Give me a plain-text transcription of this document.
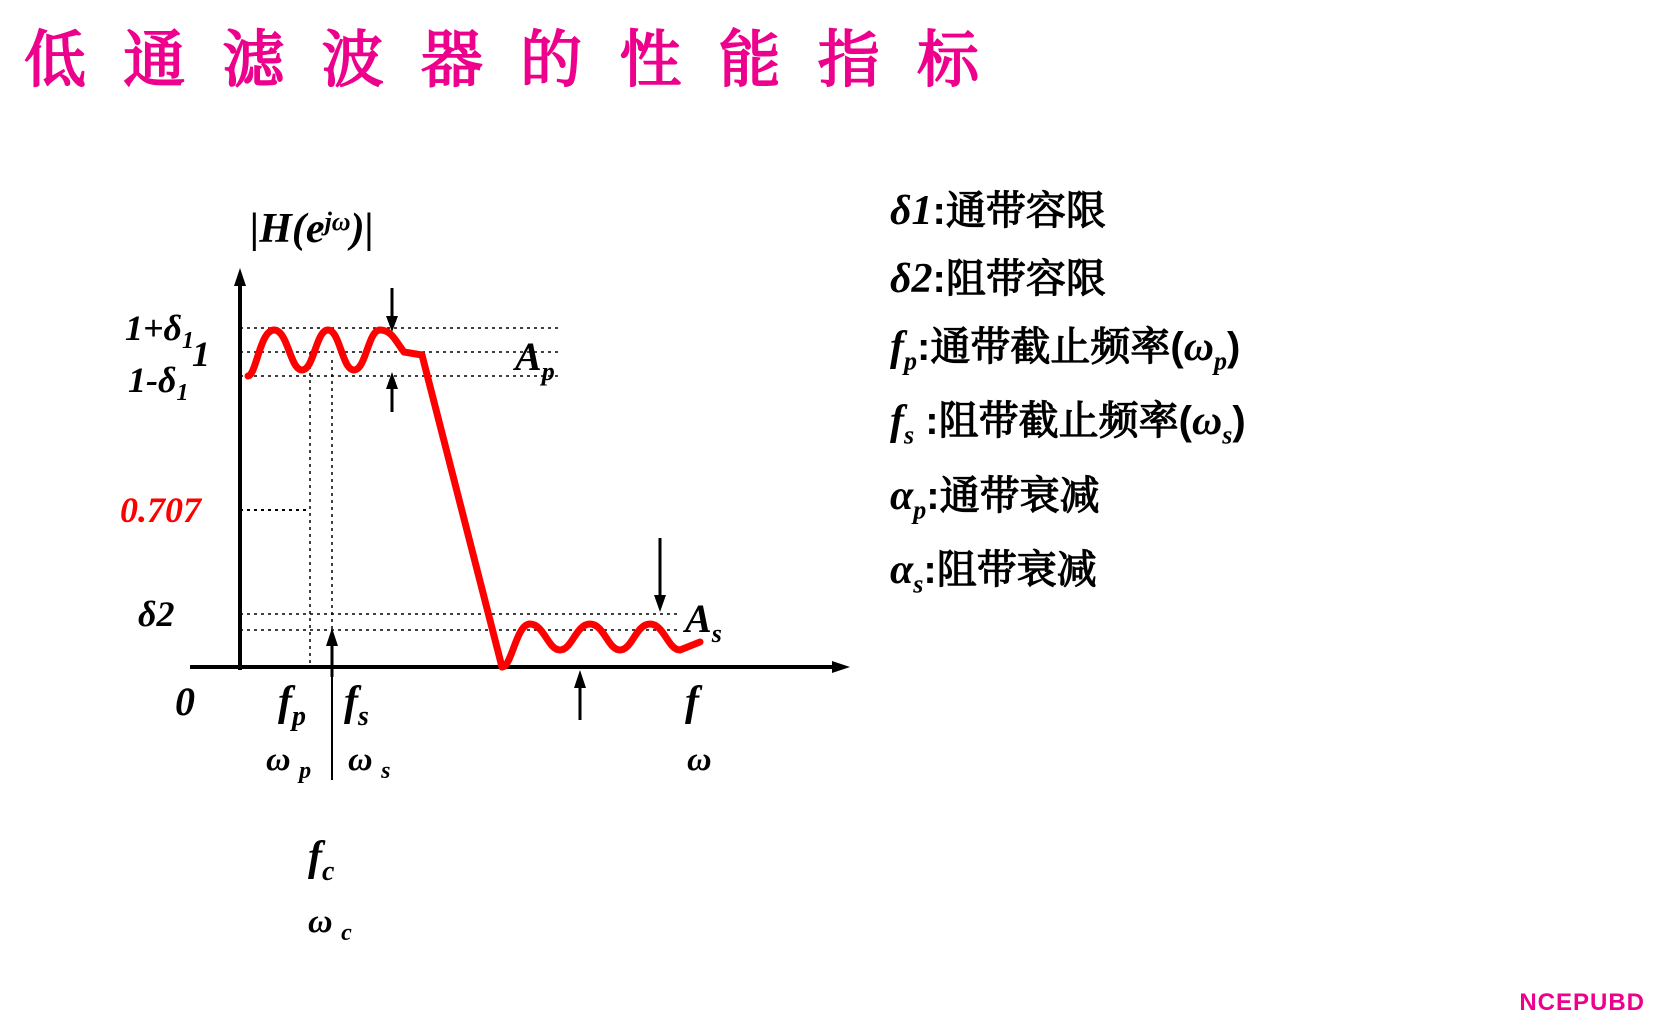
低 通 滤 波 器 的 性 能 指 标
$|H(e^{j\omega})|$
$1+\delta_1$
1
$1-\delta_1$
0.707
δ2
$A_p$
$A_s$
0 $f_p$ $f_s$	f
ω $_p$ ω $_s$	ω
$f_c$
ω $_c$
δ1:通带容限
δ2:阻带容限
$f_p$:通带截止频率$(\omega_p)$
$f_s$ :阻带截止频率$(\omega_s)$
$\alpha_p$:通带衰减
$\alpha_s$:阻带衰减
NCEPUBD
